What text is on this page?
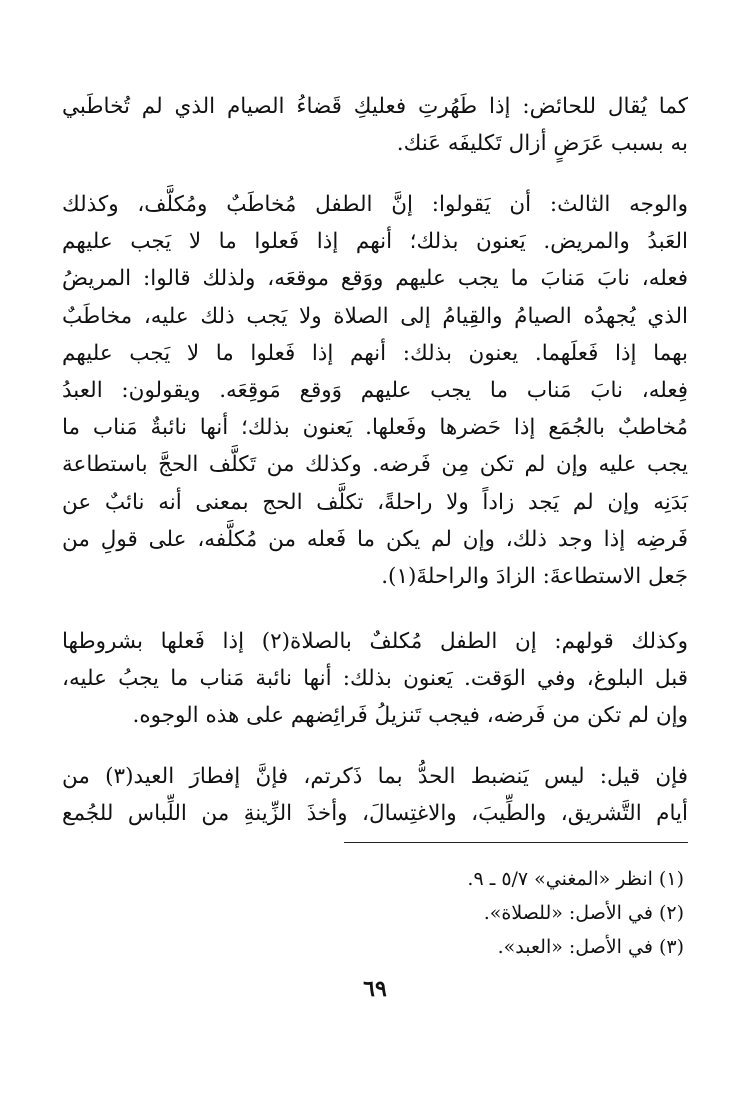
كما يُقال للحائض: إذا طَهُرتِ فعليكِ قَضاءُ الصيام الذي لم تُخاطَبي
به بسبب عَرَضٍ أزال تَكليفَه عَنك.
والوجه الثالث: أن يَقولوا: إنَّ الطفل مُخاطَبٌ ومُكلَّف، وكذلك
العَبدُ والمريض. يَعنون بذلك؛ أنهم إذا فَعلوا ما لا يَجب عليهم
فعله، نابَ مَنابَ ما يجب عليهم ووَقع موقعَه، ولذلك قالوا: المريضُ
الذي يُجهدُه الصيامُ والقِيامُ إلى الصلاة ولا يَجب ذلك عليه، مخاطَبٌ
بهما إذا فَعلَهما. يعنون بذلك: أنهم إذا فَعلوا ما لا يَجب عليهم
فِعله، نابَ مَناب ما يجب عليهم وَوقع مَوقِعَه. ويقولون: العبدُ
مُخاطبٌ بالجُمَع إذا حَضرها وفَعلها. يَعنون بذلك؛ أنها نائبةٌ مَناب ما
يجب عليه وإن لم تكن مِن فَرضه. وكذلك من تَكلَّف الحجَّ باستطاعة
بَدَنِه وإن لم يَجد زاداً ولا راحلةً، تكلَّف الحج بمعنى أنه نائبٌ عن
فَرضِه إذا وجد ذلك، وإن لم يكن ما فَعله من مُكلَّفه، على قولِ من
جَعل الاستطاعةَ: الزادَ والراحلةَ(١).
وكذلك قولهم: إن الطفل مُكلفٌ بالصلاة(٢) إذا فَعلها بشروطها
قبل البلوغ، وفي الوَقت. يَعنون بذلك: أنها نائبة مَناب ما يجبُ عليه،
وإن لم تكن من فَرضه، فيجب تَنزيلُ فَرائِضهم على هذه الوجوه.
فإن قيل: ليس يَنضبط الحدُّ بما ذَكرتم، فإنَّ إفطارَ العيد(٣) من
أيام التَّشريق، والطِّيبَ، والاغتِسالَ، وأخذَ الزِّينةِ من اللِّباس للجُمع
(١) انظر «المغني» ٥/٧ ـ ٩.
(٢) في الأصل: «للصلاة».
(٣) في الأصل: «العبد».
٦٩
